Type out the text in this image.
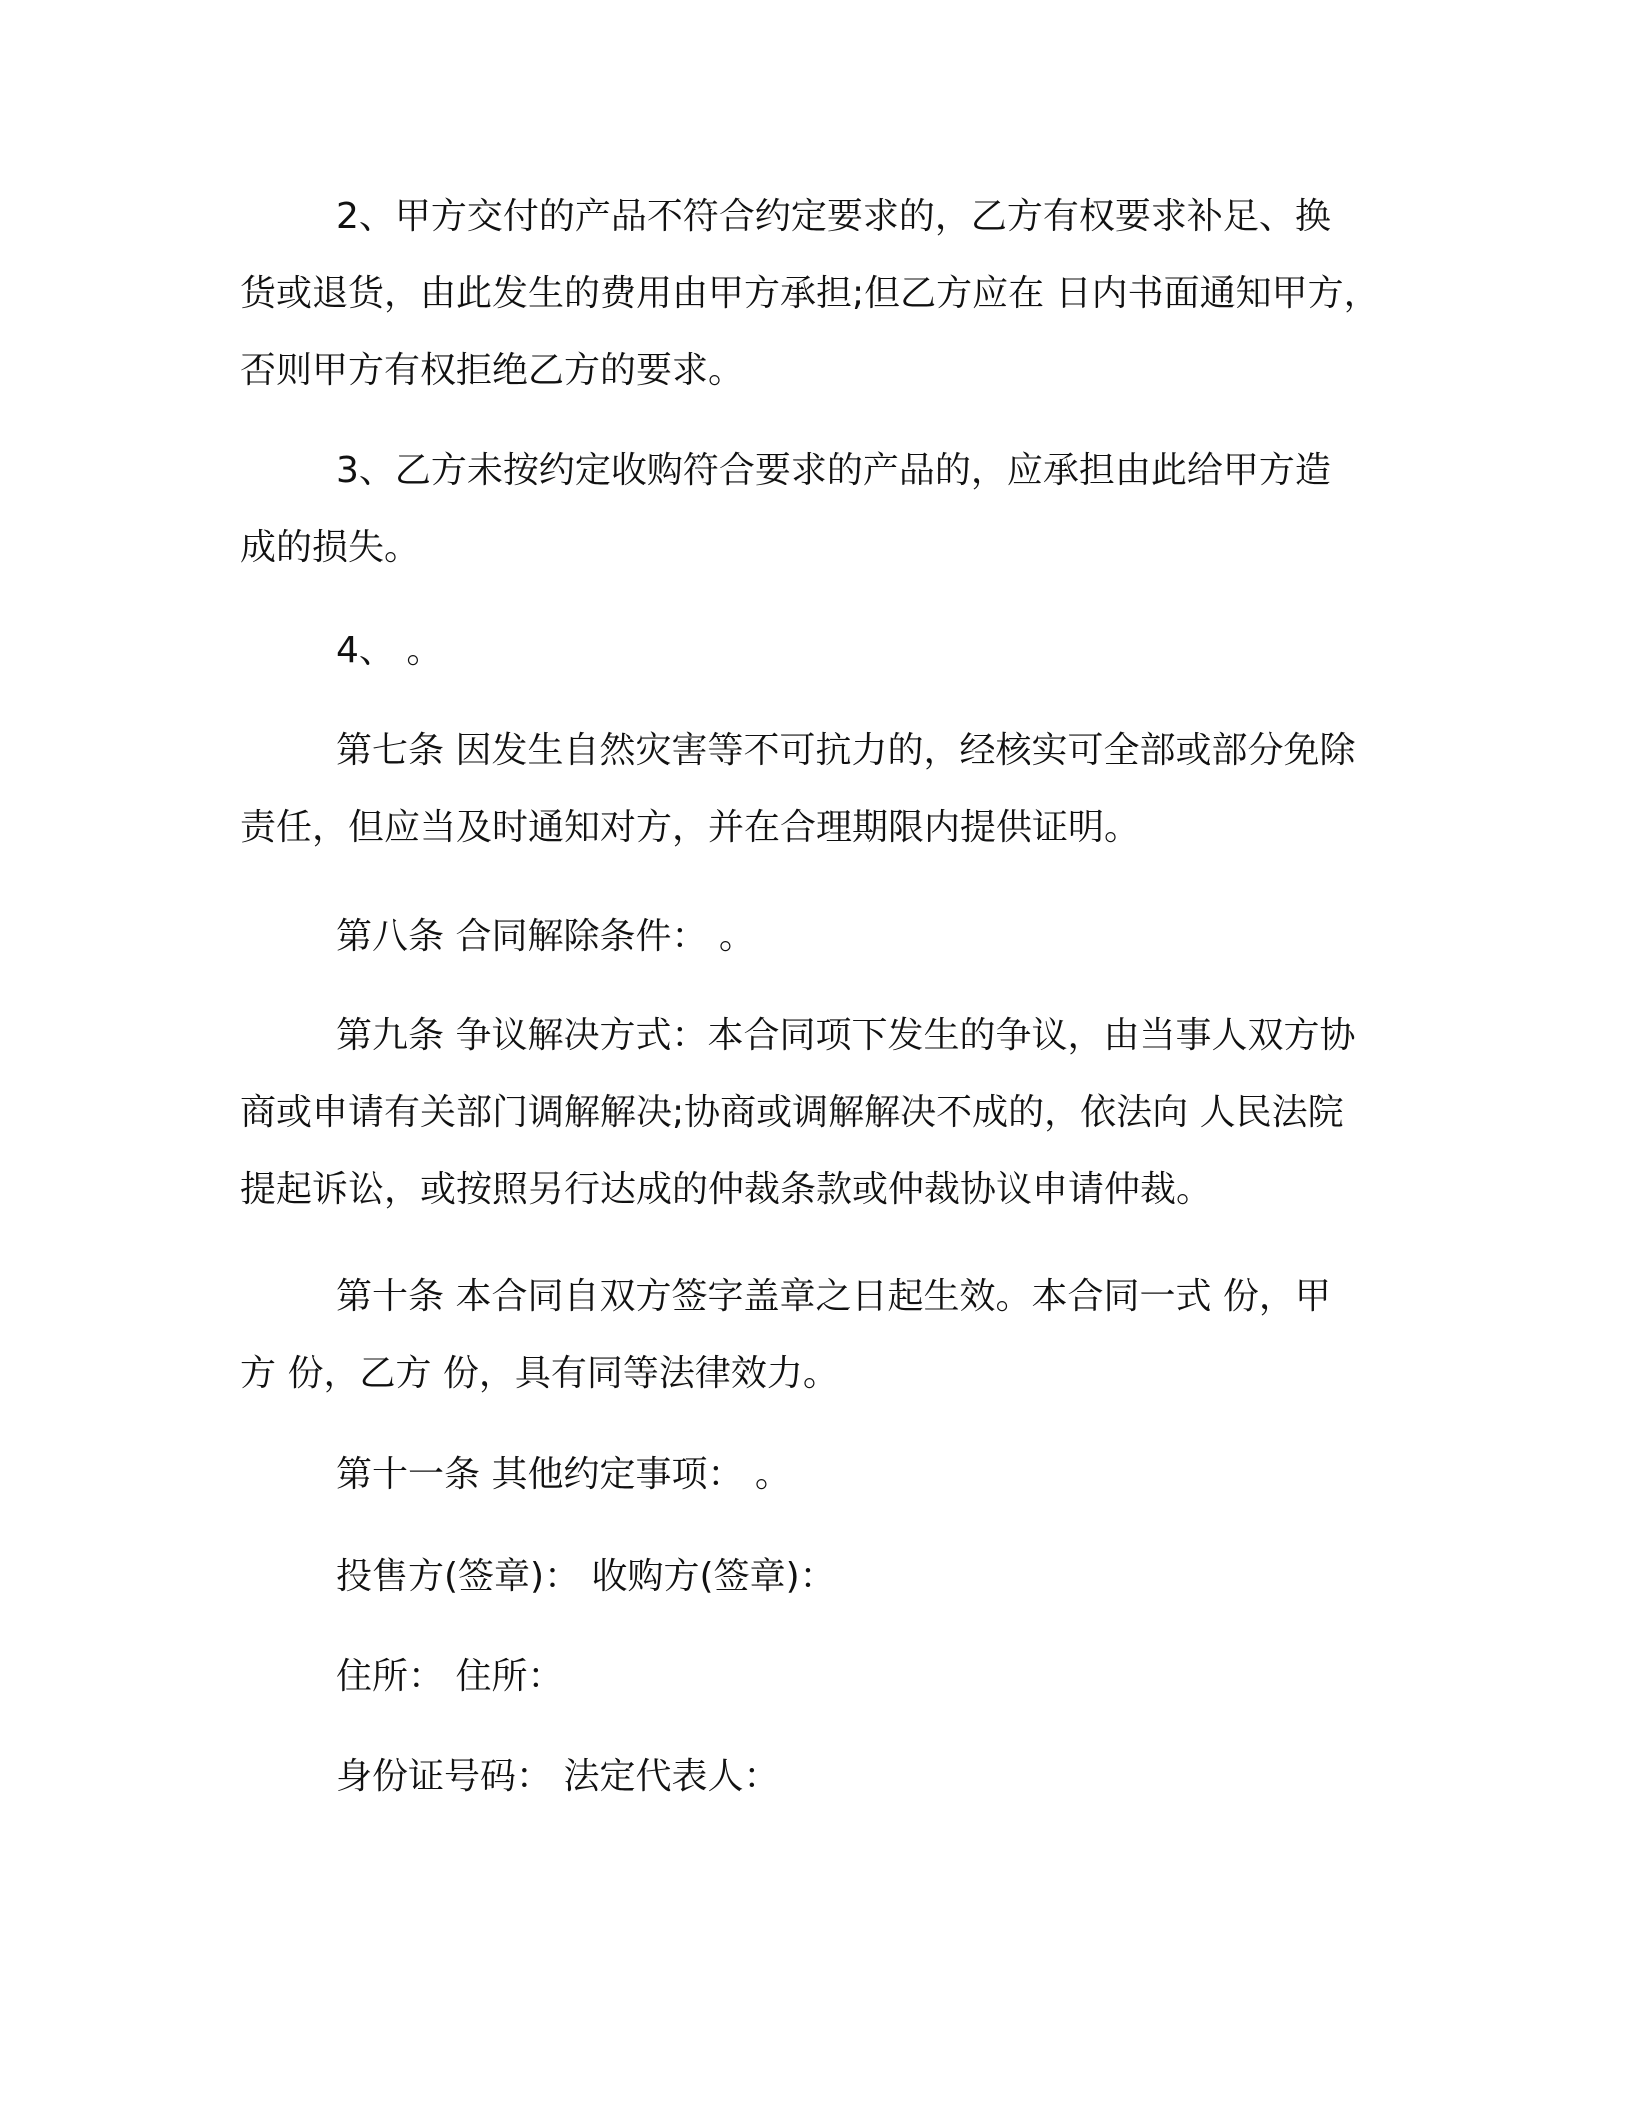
2、甲方交付的产品不符合约定要求的，乙方有权要求补足、换
货或退货，由此发生的费用由甲方承担;但乙方应在 日内书面通知甲方，
否则甲方有权拒绝乙方的要求。
3、乙方未按约定收购符合要求的产品的，应承担由此给甲方造
成的损失。
4、 。
第七条 因发生自然灾害等不可抗力的，经核实可全部或部分免除
责任，但应当及时通知对方，并在合理期限内提供证明。
第八条 合同解除条件： 。
第九条 争议解决方式：本合同项下发生的争议，由当事人双方协
商或申请有关部门调解解决;协商或调解解决不成的，依法向 人民法院
提起诉讼，或按照另行达成的仲裁条款或仲裁协议申请仲裁。
第十条 本合同自双方签字盖章之日起生效。本合同一式 份，甲
方 份，乙方 份，具有同等法律效力。
第十一条 其他约定事项： 。
投售方(签章)： 收购方(签章)：
住所： 住所：
身份证号码： 法定代表人：
